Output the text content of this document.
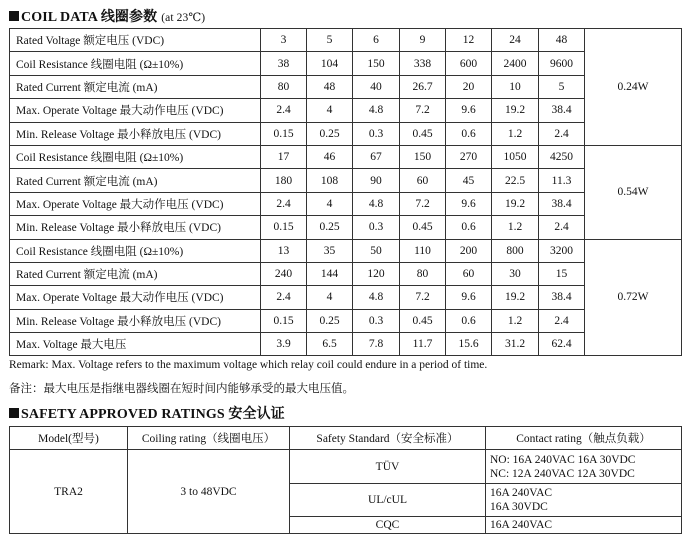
COIL DATA 线圈参数 (at 23℃)
Rated Voltage 额定电压 (VDC)	3	5	6	9	12	24	48	0.24W
Coil Resistance 线圈电阻 (Ω±10%)	38	104	150	338	600	2400	9600	
Rated Current 额定电流 (mA)	80	48	40	26.7	20	10	5	
Max. Operate Voltage 最大动作电压 (VDC)	2.4	4	4.8	7.2	9.6	19.2	38.4	
Min. Release Voltage 最小释放电压 (VDC)	0.15	0.25	0.3	0.45	0.6	1.2	2.4	
Coil Resistance 线圈电阻 (Ω±10%)	17	46	67	150	270	1050	4250	0.54W
Rated Current 额定电流 (mA)	180	108	90	60	45	22.5	11.3	
Max. Operate Voltage 最大动作电压 (VDC)	2.4	4	4.8	7.2	9.6	19.2	38.4	
Min. Release Voltage 最小释放电压 (VDC)	0.15	0.25	0.3	0.45	0.6	1.2	2.4	
Coil Resistance 线圈电阻 (Ω±10%)	13	35	50	110	200	800	3200	0.72W
Rated Current 额定电流 (mA)	240	144	120	80	60	30	15	
Max. Operate Voltage 最大动作电压 (VDC)	2.4	4	4.8	7.2	9.6	19.2	38.4	
Min. Release Voltage 最小释放电压 (VDC)	0.15	0.25	0.3	0.45	0.6	1.2	2.4	
Max. Voltage 最大电压	3.9	6.5	7.8	11.7	15.6	31.2	62.4	
Remark: Max. Voltage refers to the maximum voltage which relay coil could endure in a period of time.
备注：最大电压是指继电器线圈在短时间内能够承受的最大电压值。
SAFETY APPROVED RATINGS 安全认证
Model(型号)	Coiling rating（线圈电压）	Safety Standard（安全标准）	Contact rating（触点负载）
TRA2	3 to 48VDC	TÜV	NO: 16A 240VAC 16A 30VDC
NC: 12A 240VAC 12A 30VDC

		UL/cUL	16A 240VAC
16A 30VDC

		CQC	16A 240VAC
